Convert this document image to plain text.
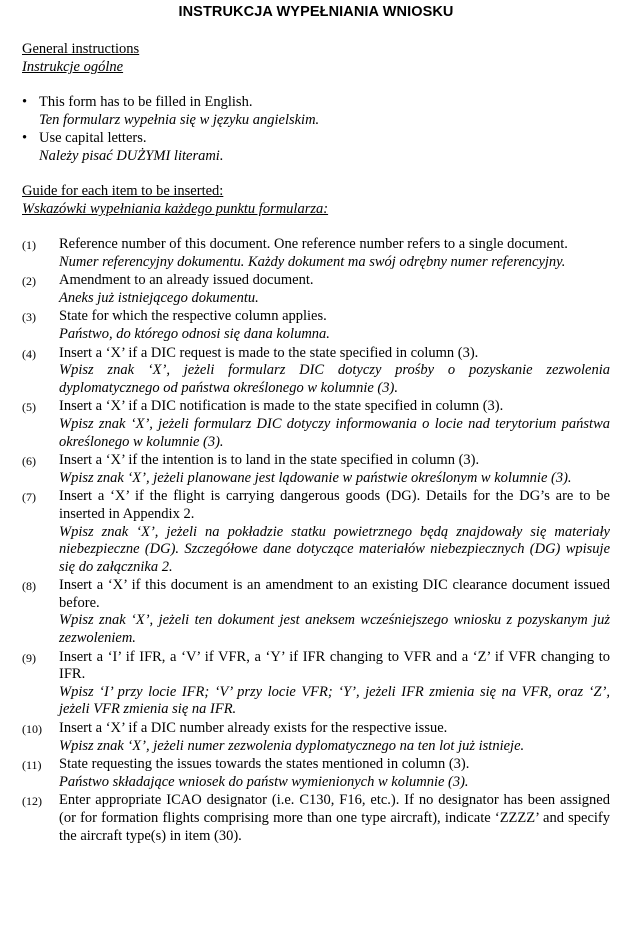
INSTRUKCJA WYPEŁNIANIA WNIOSKU
General instructions
Instrukcje ogólne
• This form has to be filled in English.
Ten formularz wypełnia się w języku angielskim.
• Use capital letters.
Należy pisać DUŻYMI literami.
Guide for each item to be inserted:
Wskazówki wypełniania każdego punktu formularza:
(1) Reference number of this document. One reference number refers to a single document.
Numer referencyjny dokumentu. Każdy dokument ma swój odrębny numer referencyjny.
(2) Amendment to an already issued document.
Aneks już istniejącego dokumentu.
(3) State for which the respective column applies.
Państwo, do którego odnosi się dana kolumna.
(4) Insert a ‘X’ if a DIC request is made to the state specified in column (3).
Wpisz znak ‘X’, jeżeli formularz DIC dotyczy prośby o pozyskanie zezwolenia dyplomatycznego od państwa określonego w kolumnie (3).
(5) Insert a ‘X’ if a DIC notification is made to the state specified in column (3).
Wpisz znak ‘X’, jeżeli formularz DIC dotyczy informowania o locie nad terytorium państwa określonego w kolumnie (3).
(6) Insert a ‘X’ if the intention is to land in the state specified in column (3).
Wpisz znak ‘X’, jeżeli planowane jest lądowanie w państwie określonym w kolumnie (3).
(7) Insert a ‘X’ if the flight is carrying dangerous goods (DG). Details for the DG’s are to be inserted in Appendix 2.
Wpisz znak ‘X’, jeżeli na pokładzie statku powietrznego będą znajdowały się materiały niebezpieczne (DG). Szczegółowe dane dotyczące materiałów niebezpiecznych (DG) wpisuje się do załącznika 2.
(8) Insert a ‘X’ if this document is an amendment to an existing DIC clearance document issued before.
Wpisz znak ‘X’, jeżeli ten dokument jest aneksem wcześniejszego wniosku z pozyskanym już zezwoleniem.
(9) Insert a ‘I’ if IFR, a ‘V’ if VFR, a ‘Y’ if IFR changing to VFR and a ‘Z’ if VFR changing to IFR.
Wpisz ‘I’ przy locie IFR; ‘V’ przy locie VFR; ‘Y’, jeżeli IFR zmienia się na VFR, oraz ‘Z’, jeżeli VFR zmienia się na IFR.
(10) Insert a ‘X’ if a DIC number already exists for the respective issue.
Wpisz znak ‘X’, jeżeli numer zezwolenia dyplomatycznego na ten lot już istnieje.
(11) State requesting the issues towards the states mentioned in column (3).
Państwo składające wniosek do państw wymienionych w kolumnie (3).
(12) Enter appropriate ICAO designator (i.e. C130, F16, etc.). If no designator has been assigned (or for formation flights comprising more than one type aircraft), indicate ‘ZZZZ’ and specify the aircraft type(s) in item (30).
